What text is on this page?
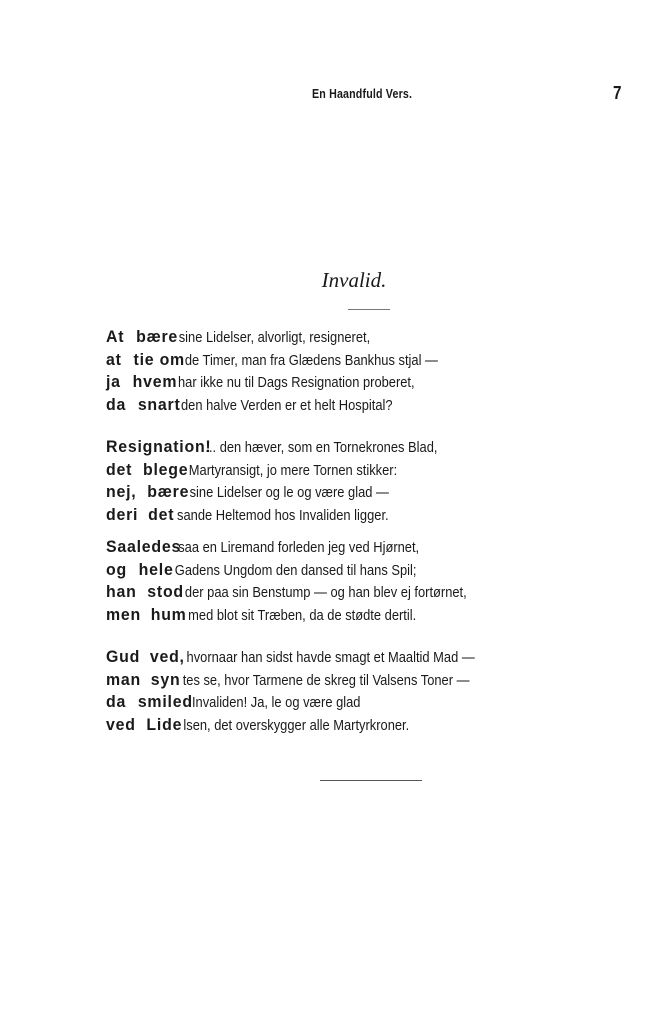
En Haandfuld Vers.	7
Invalid.
At bæresine Lidelser, alvorligt, resigneret,
at tie omde Timer, man fra Glædens Bankhus stjal —
ja hvemhar ikke nu til Dags Resignation proberet,
da snartden halve Verden er et helt Hospital?
Resignation!... den hæver, som en Tornekrones Blad,
det blegeMartyransigt, jo mere Tornen stikker:
nej, bæresine Lidelser og le og være glad —
deri det sande Heltemod hos Invaliden ligger.
Saaledessaa en Liremand forleden jeg ved Hjørnet,
og heleGadens Ungdom den dansed til hans Spil;
han stodder paa sin Benstump — og han blev ej fortørnet,
men hummed blot sit Træben, da de stødte dertil.
Gud ved,hvornaar han sidst havde smagt et Maaltid Mad —
man syn tes se, hvor Tarmene de skreg til Valsens Toner —
da smiledInvaliden! Ja, le og være glad
ved Lidelsen, det overskygger alle Martyrkroner.
